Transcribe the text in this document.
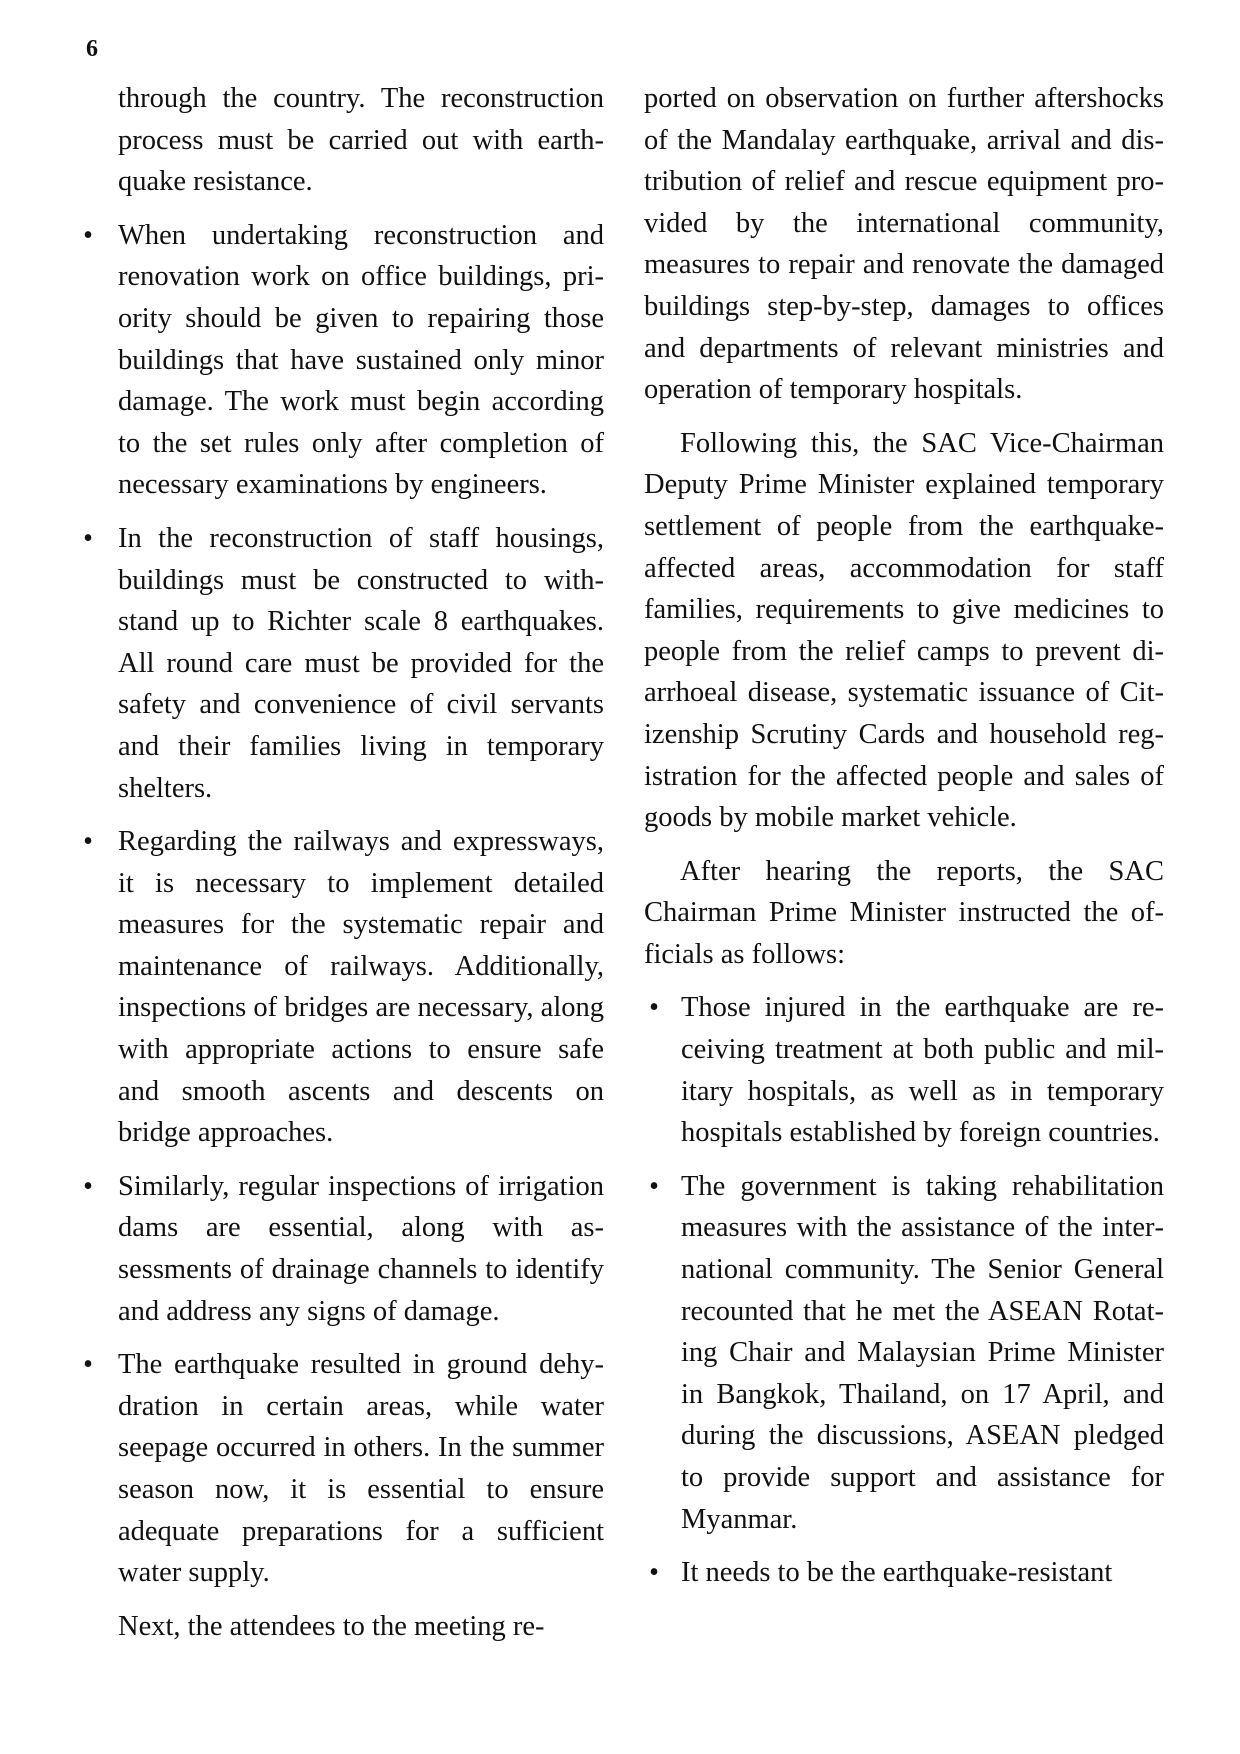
6

through the country. The reconstruction process must be carried out with earthquake resistance.

• When undertaking reconstruction and renovation work on office buildings, priority should be given to repairing those buildings that have sustained only minor damage. The work must begin according to the set rules only after completion of necessary examinations by engineers.
• In the reconstruction of staff housings, buildings must be constructed to withstand up to Richter scale 8 earthquakes. All round care must be provided for the safety and convenience of civil servants and their families living in temporary shelters.
• Regarding the railways and expressways, it is necessary to implement detailed measures for the systematic repair and maintenance of railways. Additionally, inspections of bridges are necessary, along with appropriate actions to ensure safe and smooth ascents and descents on bridge approaches.
• Similarly, regular inspections of irrigation dams are essential, along with assessments of drainage channels to identify and address any signs of damage.
• The earthquake resulted in ground dehydration in certain areas, while water seepage occurred in others. In the summer season now, it is essential to ensure adequate preparations for a sufficient water supply.

Next, the attendees to the meeting re-

ported on observation on further aftershocks of the Mandalay earthquake, arrival and distribution of relief and rescue equipment provided by the international community, measures to repair and renovate the damaged buildings step-by-step, damages to offices and departments of relevant ministries and operation of temporary hospitals.

Following this, the SAC Vice-Chairman Deputy Prime Minister explained temporary settlement of people from the earthquake-affected areas, accommodation for staff families, requirements to give medicines to people from the relief camps to prevent diarrhoeal disease, systematic issuance of Citizenship Scrutiny Cards and household registration for the affected people and sales of goods by mobile market vehicle.

After hearing the reports, the SAC Chairman Prime Minister instructed the officials as follows:

• Those injured in the earthquake are receiving treatment at both public and military hospitals, as well as in temporary hospitals established by foreign countries.
• The government is taking rehabilitation measures with the assistance of the international community. The Senior General recounted that he met the ASEAN Rotating Chair and Malaysian Prime Minister in Bangkok, Thailand, on 17 April, and during the discussions, ASEAN pledged to provide support and assistance for Myanmar.
• It needs to be the earthquake-resistant
